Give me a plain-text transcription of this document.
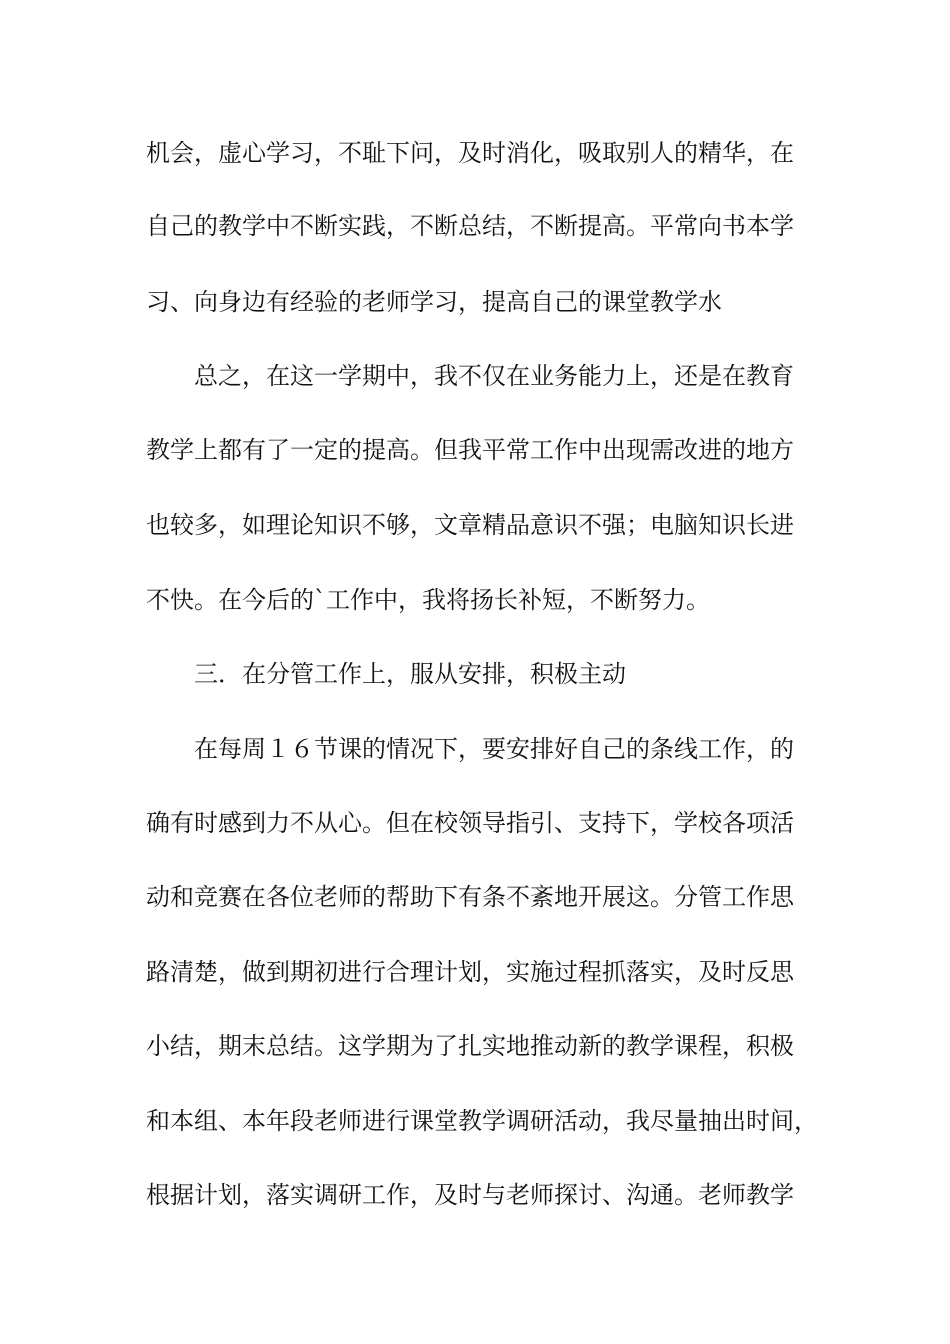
机会，虚心学习，不耻下问，及时消化，吸取别人的精华，在
自己的教学中不断实践，不断总结，不断提高。平常向书本学
习、向身边有经验的老师学习，提高自己的课堂教学水
总之，在这一学期中，我不仅在业务能力上，还是在教育
教学上都有了一定的提高。但我平常工作中出现需改进的地方
也较多，如理论知识不够，文章精品意识不强；电脑知识长进
不快。在今后的`工作中，我将扬长补短，不断努力。
三．在分管工作上，服从安排，积极主动
在每周１６节课的情况下，要安排好自己的条线工作，的
确有时感到力不从心。但在校领导指引、支持下，学校各项活
动和竞赛在各位老师的帮助下有条不紊地开展这。分管工作思
路清楚，做到期初进行合理计划，实施过程抓落实，及时反思
小结，期末总结。这学期为了扎实地推动新的教学课程，积极
和本组、本年段老师进行课堂教学调研活动，我尽量抽出时间，
根据计划，落实调研工作，及时与老师探讨、沟通。老师教学
